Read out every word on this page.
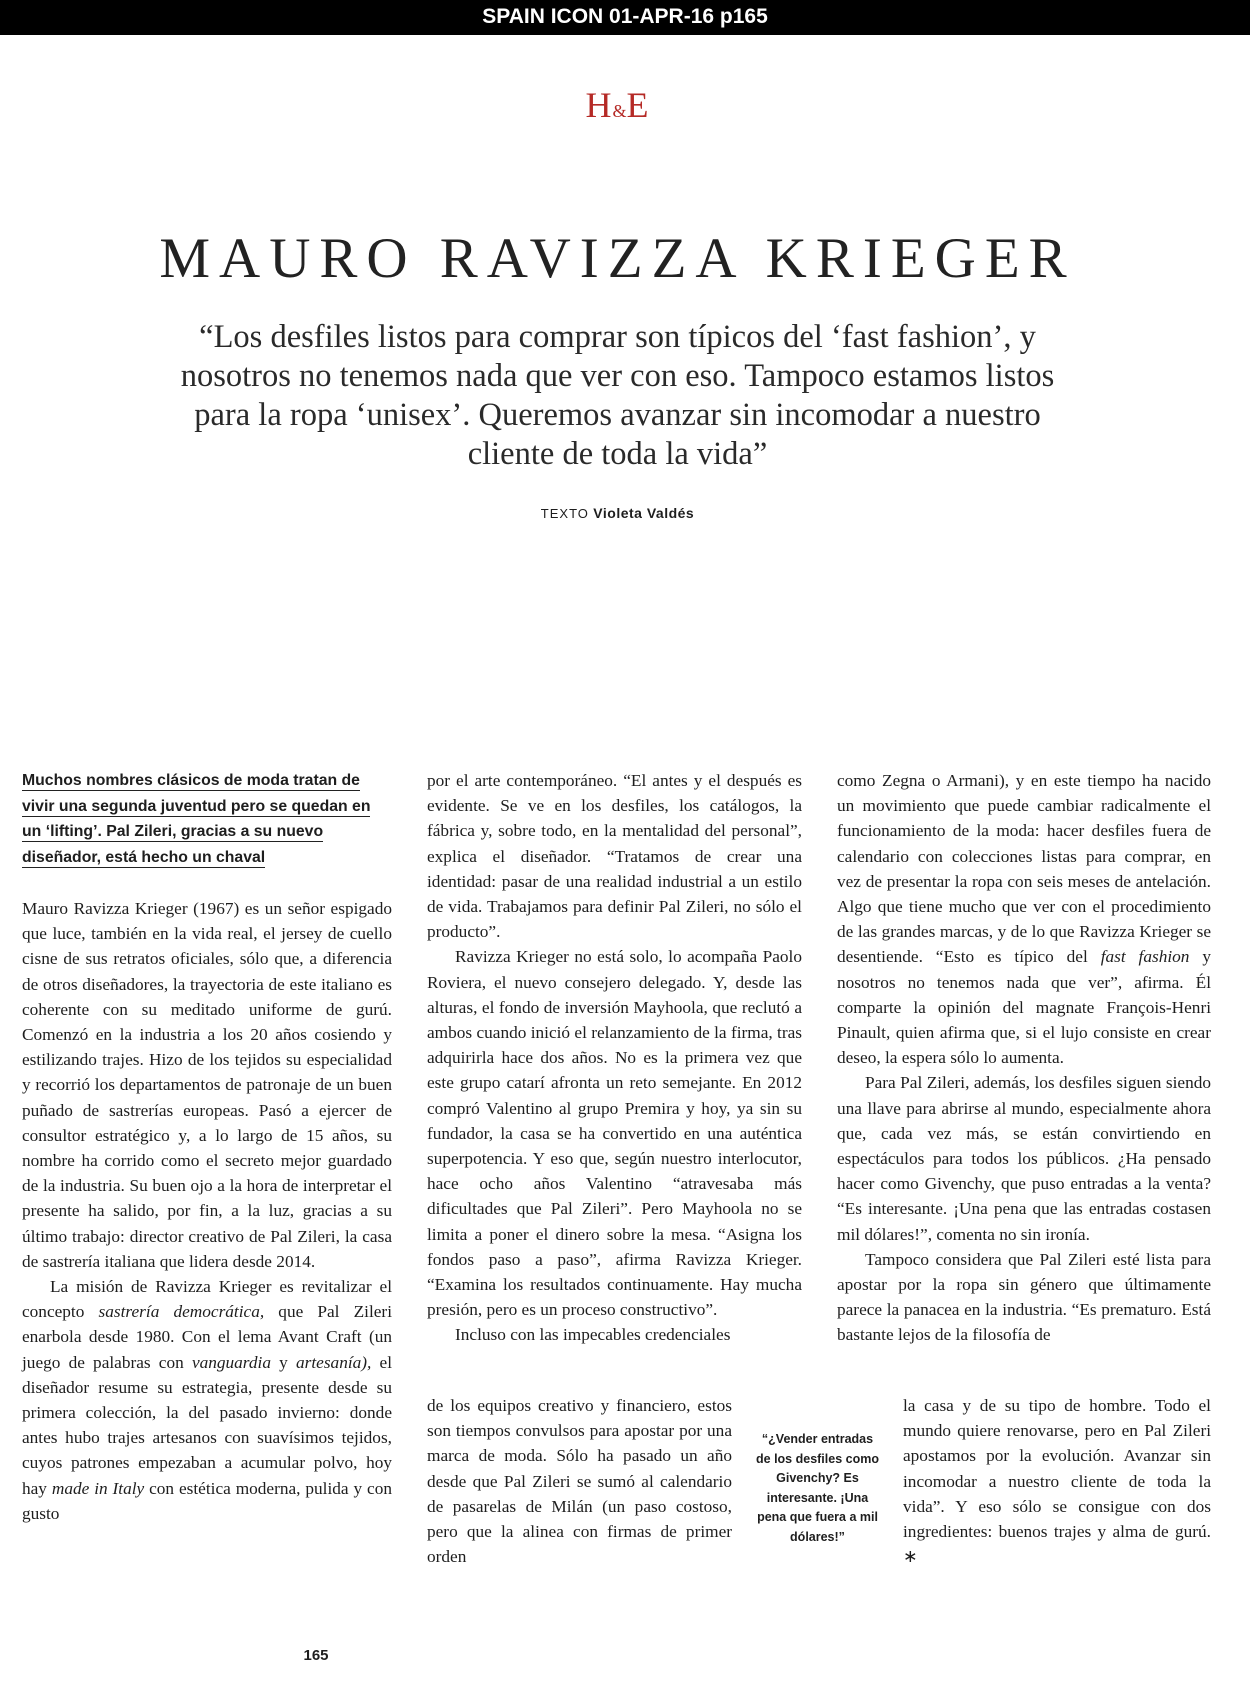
SPAIN ICON 01-APR-16 p165
H&E
MAURO RAVIZZA KRIEGER

“Los desfiles listos para comprar son típicos del ‘fast fashion’, y nosotros no tenemos nada que ver con eso. Tampoco estamos listos para la ropa ‘unisex’. Queremos avanzar sin incomodar a nuestro cliente de toda la vida”

TEXTO Violeta Valdés
Muchos nombres clásicos de moda tratan de vivir una segunda juventud pero se quedan en un ‘lifting’. Pal Zileri, gracias a su nuevo diseñador, está hecho un chaval

Mauro Ravizza Krieger (1967) es un señor espigado que luce, también en la vida real, el jersey de cuello cisne de sus retratos oficiales, sólo que, a diferencia de otros diseñadores, la trayectoria de este italiano es coherente con su meditado uniforme de gurú. Comenzó en la industria a los 20 años cosiendo y estilizando trajes. Hizo de los tejidos su especialidad y recorrió los departamentos de patronaje de un buen puñado de sastrerías europeas. Pasó a ejercer de consultor estratégico y, a lo largo de 15 años, su nombre ha corrido como el secreto mejor guardado de la industria. Su buen ojo a la hora de interpretar el presente ha salido, por fin, a la luz, gracias a su último trabajo: director creativo de Pal Zileri, la casa de sastrería italiana que lidera desde 2014.

La misión de Ravizza Krieger es revitalizar el concepto sastrería democrática, que Pal Zileri enarbola desde 1980. Con el lema Avant Craft (un juego de palabras con vanguardia y artesanía), el diseñador resume su estrategia, presente desde su primera colección, la del pasado invierno: donde antes hubo trajes artesanos con suavísimos tejidos, cuyos patrones empezaban a acumular polvo, hoy hay made in Italy con estética moderna, pulida y con gusto

por el arte contemporáneo. “El antes y el después es evidente. Se ve en los desfiles, los catálogos, la fábrica y, sobre todo, en la mentalidad del personal”, explica el diseñador. “Tratamos de crear una identidad: pasar de una realidad industrial a un estilo de vida. Trabajamos para definir Pal Zileri, no sólo el producto”.

Ravizza Krieger no está solo, lo acompaña Paolo Roviera, el nuevo consejero delegado. Y, desde las alturas, el fondo de inversión Mayhoola, que reclutó a ambos cuando inició el relanzamiento de la firma, tras adquirirla hace dos años. No es la primera vez que este grupo catarí afronta un reto semejante. En 2012 compró Valentino al grupo Premira y hoy, ya sin su fundador, la casa se ha convertido en una auténtica superpotencia. Y eso que, según nuestro interlocutor, hace ocho años Valentino “atravesaba más dificultades que Pal Zileri”. Pero Mayhoola no se limita a poner el dinero sobre la mesa. “Asigna los fondos paso a paso”, afirma Ravizza Krieger. “Examina los resultados continuamente. Hay mucha presión, pero es un proceso constructivo”.

Incluso con las impecables credenciales

de los equipos creativo y financiero, estos son tiempos convulsos para apostar por una marca de moda. Sólo ha pasado un año desde que Pal Zileri se sumó al calendario de pasarelas de Milán (un paso costoso, pero que la alinea con firmas de primer orden

como Zegna o Armani), y en este tiempo ha nacido un movimiento que puede cambiar radicalmente el funcionamiento de la moda: hacer desfiles fuera de calendario con colecciones listas para comprar, en vez de presentar la ropa con seis meses de antelación. Algo que tiene mucho que ver con el procedimiento de las grandes marcas, y de lo que Ravizza Krieger se desentiende. “Esto es típico del fast fashion y nosotros no tenemos nada que ver”, afirma. Él comparte la opinión del magnate François-Henri Pinault, quien afirma que, si el lujo consiste en crear deseo, la espera sólo lo aumenta.

Para Pal Zileri, además, los desfiles siguen siendo una llave para abrirse al mundo, especialmente ahora que, cada vez más, se están convirtiendo en espectáculos para todos los públicos. ¿Ha pensado hacer como Givenchy, que puso entradas a la venta? “Es interesante. ¡Una pena que las entradas costasen mil dólares!”, comenta no sin ironía.

Tampoco considera que Pal Zileri esté lista para apostar por la ropa sin género que últimamente parece la panacea en la industria. “Es prematuro. Está bastante lejos de la filosofía de

la casa y de su tipo de hombre. Todo el mundo quiere renovarse, pero en Pal Zileri apostamos por la evolución. Avanzar sin incomodar a nuestro cliente de toda la vida”. Y eso sólo se consigue con dos ingredientes: buenos trajes y alma de gurú. ∗

“¿Vender entradas de los desfiles como Givenchy? Es interesante. ¡Una pena que fuera a mil dólares!”
165
